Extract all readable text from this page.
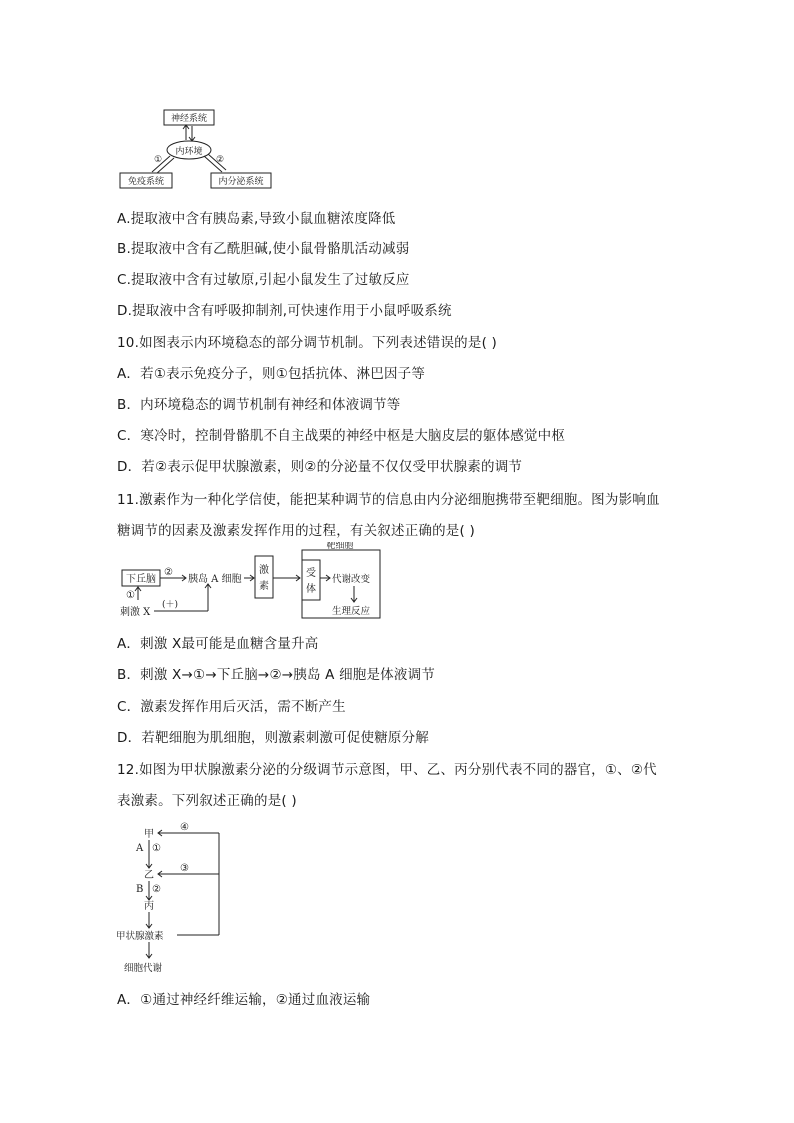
神经系统
内环境
①	②
免疫系统	内分泌系统
A.提取液中含有胰岛素,导致小鼠血糖浓度降低
B.提取液中含有乙酰胆碱,使小鼠骨骼肌活动减弱
C.提取液中含有过敏原,引起小鼠发生了过敏反应
D.提取液中含有呼吸抑制剂,可快速作用于小鼠呼吸系统
10.如图表示内环境稳态的部分调节机制。下列表述错误的是( )
A．若①表示免疫分子，则①包括抗体、淋巴因子等
B．内环境稳态的调节机制有神经和体液调节等
C．寒冷时，控制骨骼肌不自主战栗的神经中枢是大脑皮层的躯体感觉中枢
D．若②表示促甲状腺激素，则②的分泌量不仅仅受甲状腺素的调节
11.激素作为一种化学信使，能把某种调节的信息由内分泌细胞携带至靶细胞。图为影响血
糖调节的因素及激素发挥作用的过程，有关叙述正确的是( )
下丘脑
②
胰岛 A 细胞
激
素
靶细胞
受
体
代谢改变
生理反应
①
刺激 X
(＋)
A．刺激 X最可能是血糖含量升高
B．刺激 X→①→下丘脑→②→胰岛 A 细胞是体液调节
C．激素发挥作用后灭活，需不断产生
D．若靶细胞为肌细胞，则激素刺激可促使糖原分解
12.如图为甲状腺激素分泌的分级调节示意图，甲、乙、丙分别代表不同的器官，①、②代
表激素。下列叙述正确的是( )
甲
④
A ①
乙
③
B ②
丙
甲状腺激素
细胞代谢
A．①通过神经纤维运输，②通过血液运输
